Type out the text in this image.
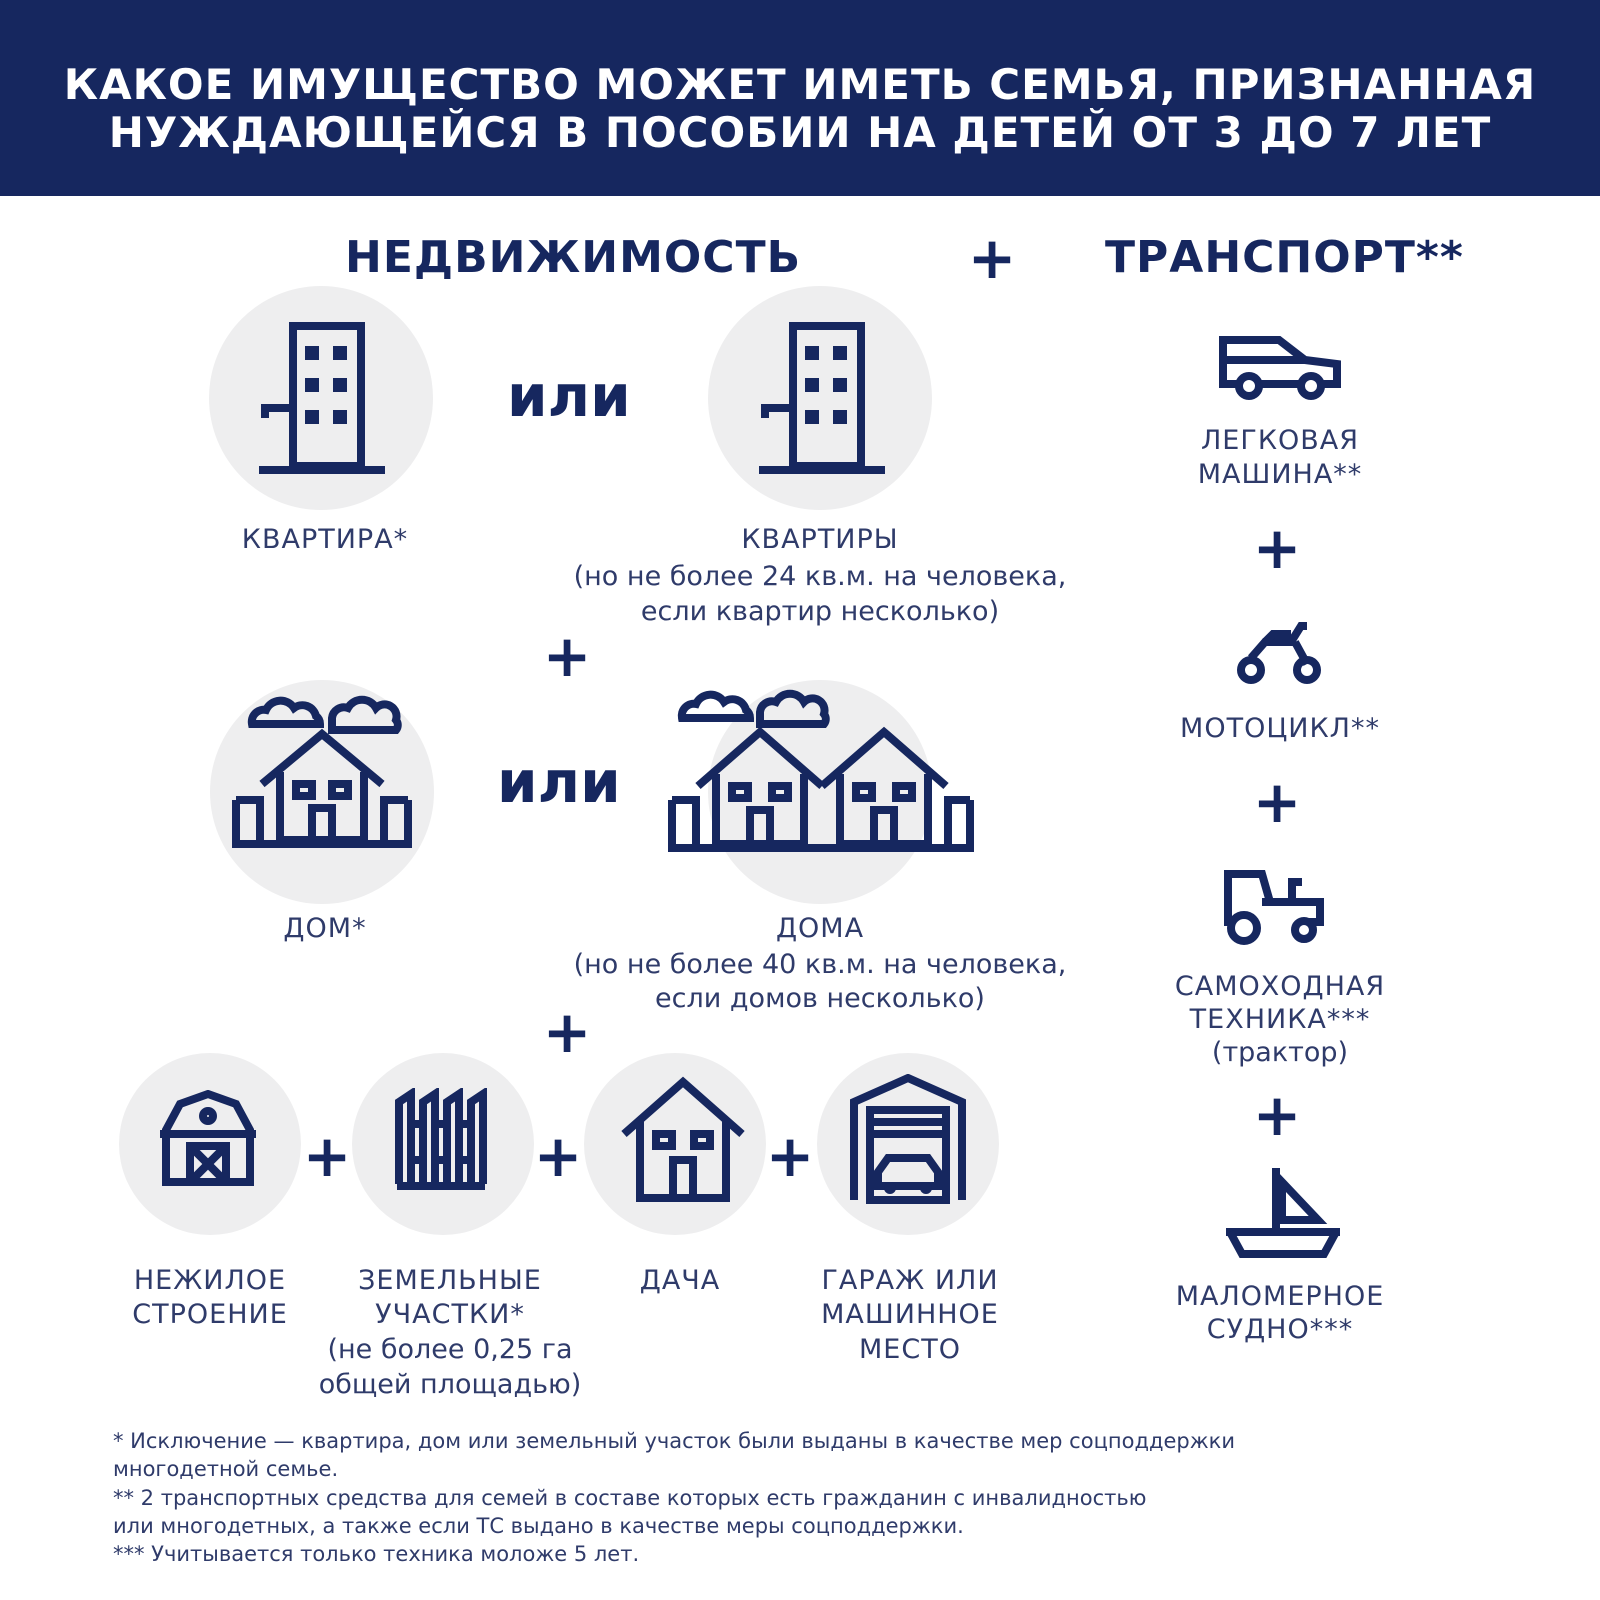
КАКОЕ ИМУЩЕСТВО МОЖЕТ ИМЕТЬ СЕМЬЯ, ПРИЗНАННАЯ
НУЖДАЮЩЕЙСЯ В ПОСОБИИ НА ДЕТЕЙ ОТ 3 ДО 7 ЛЕТ
НЕДВИЖИМОСТЬ	+ ТРАНСПОРТ**
или
КВАРТИРА*	КВАРТИРЫ
(но не более 24 кв.м. на человека,
если квартир несколько)
+
или
ДОМ*	ДОМА
(но не более 40 кв.м. на человека,
если домов несколько)
+
+	+	+
НЕЖИЛОЕ
СТРОЕНИЕ
ЗЕМЕЛЬНЫЕ
УЧАСТКИ*
(не более 0,25 га
общей площадью)
ДАЧА	ГАРАЖ ИЛИ
МАШИННОЕ
МЕСТО
ЛЕГКОВАЯ
МАШИНА**
+
МОТОЦИКЛ**
+
САМОХОДНАЯ
ТЕХНИКА***
(трактор)
+
МАЛОМЕРНОЕ
СУДНО***
* Исключение — квартира, дом или земельный участок были выданы в качестве мер соцподдержки
многодетной семье.
** 2 транспортных средства для семей в составе которых есть гражданин с инвалидностью
или многодетных, а также если ТС выдано в качестве меры соцподдержки.
*** Учитывается только техника моложе 5 лет.
